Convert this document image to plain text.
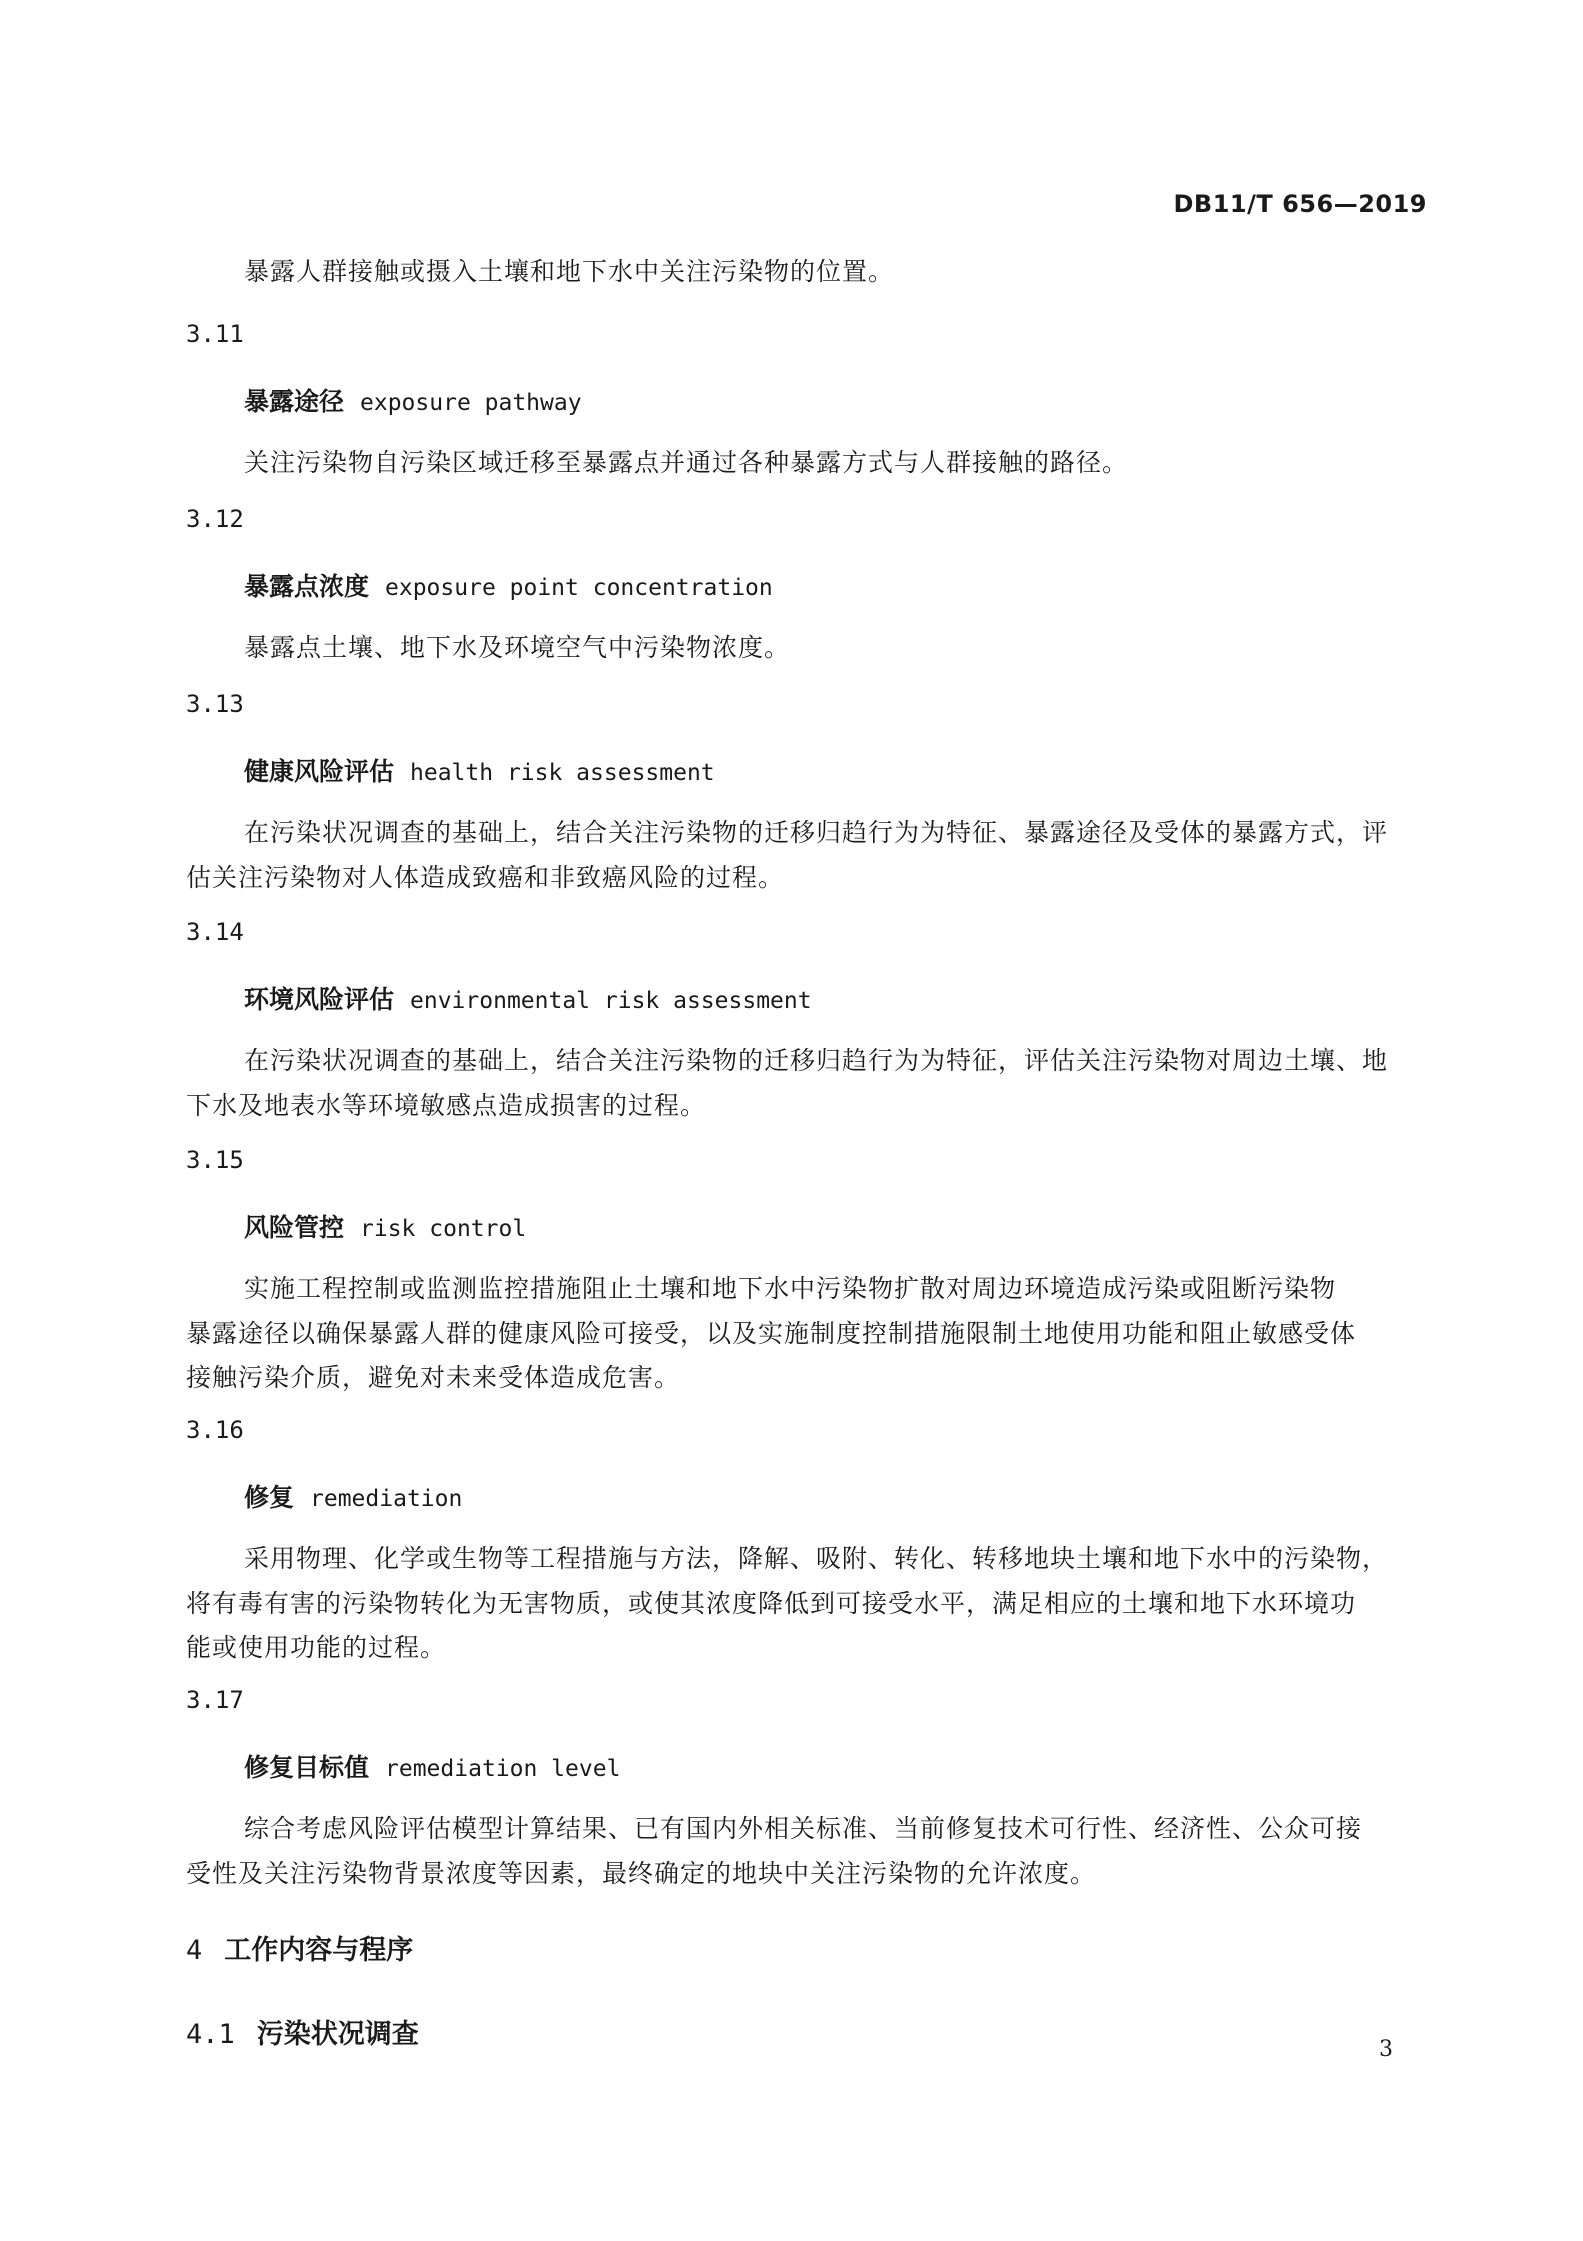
DB11/T 656—2019
暴露人群接触或摄入土壤和地下水中关注污染物的位置。
3.11
暴露途径 exposure pathway
关注污染物自污染区域迁移至暴露点并通过各种暴露方式与人群接触的路径。
3.12
暴露点浓度 exposure point concentration
暴露点土壤、地下水及环境空气中污染物浓度。
3.13
健康风险评估 health risk assessment
在污染状况调查的基础上，结合关注污染物的迁移归趋行为为特征、暴露途径及受体的暴露方式，评
估关注污染物对人体造成致癌和非致癌风险的过程。
3.14
环境风险评估 environmental risk assessment
在污染状况调查的基础上，结合关注污染物的迁移归趋行为为特征，评估关注污染物对周边土壤、地
下水及地表水等环境敏感点造成损害的过程。
3.15
风险管控 risk control
实施工程控制或监测监控措施阻止土壤和地下水中污染物扩散对周边环境造成污染或阻断污染物
暴露途径以确保暴露人群的健康风险可接受，以及实施制度控制措施限制土地使用功能和阻止敏感受体
接触污染介质，避免对未来受体造成危害。
3.16
修复 remediation
采用物理、化学或生物等工程措施与方法，降解、吸附、转化、转移地块土壤和地下水中的污染物，
将有毒有害的污染物转化为无害物质，或使其浓度降低到可接受水平，满足相应的土壤和地下水环境功
能或使用功能的过程。
3.17
修复目标值 remediation level
综合考虑风险评估模型计算结果、已有国内外相关标准、当前修复技术可行性、经济性、公众可接
受性及关注污染物背景浓度等因素，最终确定的地块中关注污染物的允许浓度。
4 工作内容与程序
4.1 污染状况调查	3
